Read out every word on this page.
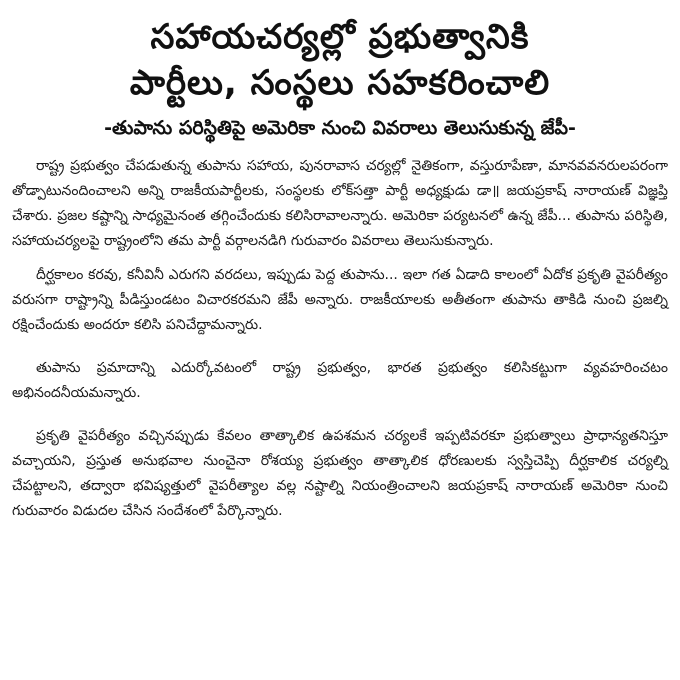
సహాయచర్యల్లో ప్రభుత్వానికి
పార్టీలు, సంస్థలు సహకరించాలి
-తుపాను పరిస్థితిపై అమెరికా నుంచి వివరాలు తెలుసుకున్న జేపీ-

రాష్ట్ర ప్రభుత్వం చేపడుతున్న తుపాను సహాయ, పునరావాస చర్యల్లో నైతికంగా, వస్తురూపేణా, మానవవనరులపరంగా తోడ్పాటునందించాలని అన్ని రాజకీయపార్టీలకు, సంస్థలకు లోక్‌సత్తా పార్టీ అధ్యక్షుడు డా॥ జయప్రకాష్ నారాయణ్ విజ్ఞప్తి చేశారు. ప్రజల కష్టాన్ని సాధ్యమైనంత తగ్గించేందుకు కలిసిరావాలన్నారు. అమెరికా పర్యటనలో ఉన్న జేపీ... తుపాను పరిస్థితి, సహాయచర్యలపై రాష్ట్రంలోని తమ పార్టీ వర్గాలనడిగి గురువారం వివరాలు తెలుసుకున్నారు.

దీర్ఘకాలం కరవు, కనీవినీ ఎరుగని వరదలు, ఇప్పుడు పెద్ద తుపాను... ఇలా గత ఏడాది కాలంలో ఏదోక ప్రకృతి వైపరీత్యం వరుసగా రాష్ట్రాన్ని పీడిస్తుండటం విచారకరమని జేపీ అన్నారు. రాజకీయాలకు అతీతంగా తుపాను తాకిడి నుంచి ప్రజల్ని రక్షించేందుకు అందరూ కలిసి పనిచేద్దామన్నారు.

తుపాను ప్రమాదాన్ని ఎదుర్కోవటంలో రాష్ట్ర ప్రభుత్వం, భారత ప్రభుత్వం కలిసికట్టుగా వ్యవహరించటం అభినందనీయమన్నారు.

ప్రకృతి వైపరీత్యం వచ్చినప్పుడు కేవలం తాత్కాలిక ఉపశమన చర్యలకే ఇప్పటివరకూ ప్రభుత్వాలు ప్రాధాన్యతనిస్తూ వచ్చాయని, ప్రస్తుత అనుభవాల నుంచైనా రోశయ్య ప్రభుత్వం తాత్కాలిక ధోరణులకు స్వస్తిచెప్పి దీర్ఘకాలిక చర్యల్ని చేపట్టాలని, తద్వారా భవిష్యత్తులో వైపరీత్యాల వల్ల నష్టాల్ని నియంత్రించాలని జయప్రకాష్ నారాయణ్ అమెరికా నుంచి గురువారం విడుదల చేసిన సందేశంలో పేర్కొన్నారు.
